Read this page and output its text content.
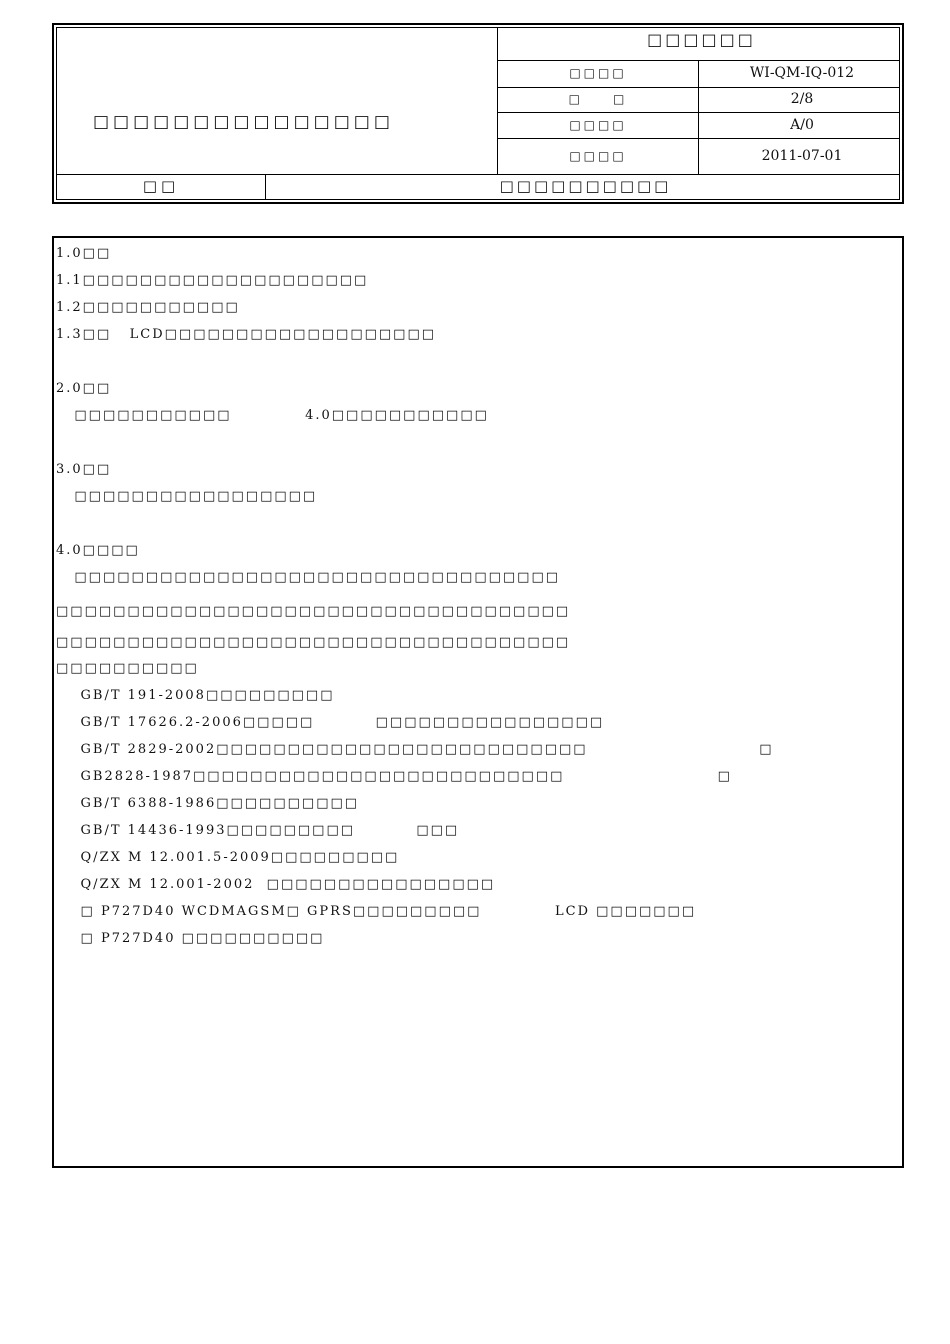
□□□□□□□□□□□□□□□
□□□□□□
□□□□	WI-QM-IQ-012
□　　□	2/8
□□□□	A/0
□□□□	2011-07-01
□□	□□□□□□□□□□
1.0□□
1.1□□□□□□□□□□□□□□□□□□□□
1.2□□□□□□□□□□□
1.3□□   LCD□□□□□□□□□□□□□□□□□□□
2.0□□
□□□□□□□□□□□            4.0□□□□□□□□□□□
3.0□□
□□□□□□□□□□□□□□□□□
4.0□□□□
□□□□□□□□□□□□□□□□□□□□□□□□□□□□□□□□□□
□□□□□□□□□□□□□□□□□□□□□□□□□□□□□□□□□□□□
□□□□□□□□□□□□□□□□□□□□□□□□□□□□□□□□□□□□
□□□□□□□□□□
GB/T 191-2008□□□□□□□□□
GB/T 17626.2-2006□□□□□          □□□□□□□□□□□□□□□□
GB/T 2829-2002□□□□□□□□□□□□□□□□□□□□□□□□□□                            □
GB2828-1987□□□□□□□□□□□□□□□□□□□□□□□□□□                         □
GB/T 6388-1986□□□□□□□□□□
GB/T 14436-1993□□□□□□□□□          □□□
Q/ZX M 12.001.5-2009□□□□□□□□□
Q/ZX M 12.001-2002  □□□□□□□□□□□□□□□□
□ P727D40 WCDMAGSM□ GPRS□□□□□□□□□            LCD □□□□□□□
□ P727D40 □□□□□□□□□□
